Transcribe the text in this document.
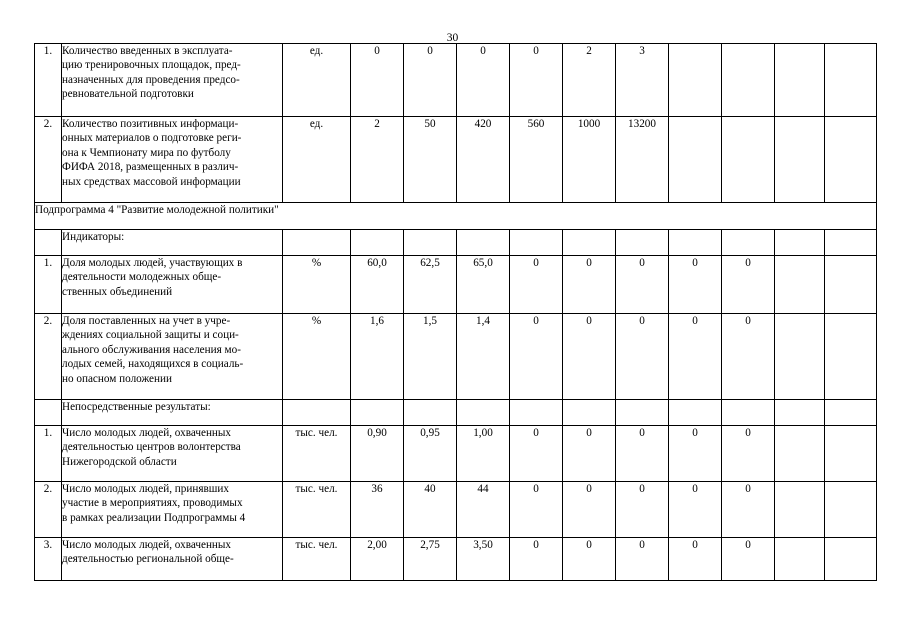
30
1.	Количество введенных в эксплуата-
цию тренировочных площадок, пред-
назначенных для проведения предсо-
ревновательной подготовки	ед.	0	0	0	0	2	3				
2.	Количество позитивных информаци-
онных материалов о подготовке реги-
она к Чемпионату мира по футболу
ФИФА 2018, размещенных в различ-
ных средствах массовой информации	ед.	2	50	420	560	1000	13200				
Подпрограмма 4 "Развитие молодежной политики"												
	Индикаторы:											
1.	Доля молодых людей, участвующих в
деятельности молодежных обще-
ственных объединений	%	60,0	62,5	65,0	0	0	0	0	0		
2.	Доля поставленных на учет в учре-
ждениях социальной защиты и соци-
ального обслуживания населения мо-
лодых семей, находящихся в социаль-
но опасном положении	%	1,6	1,5	1,4	0	0	0	0	0		
	Непосредственные результаты:											
1.	Число молодых людей, охваченных
деятельностью центров волонтерства
Нижегородской области	тыс. чел.	0,90	0,95	1,00	0	0	0	0	0		
2.	Число молодых людей, принявших
участие в мероприятиях, проводимых
в рамках реализации Подпрограммы 4	тыс. чел.	36	40	44	0	0	0	0	0		
3.	Число молодых людей, охваченных
деятельностью региональной обще-	тыс. чел.	2,00	2,75	3,50	0	0	0	0	0		
